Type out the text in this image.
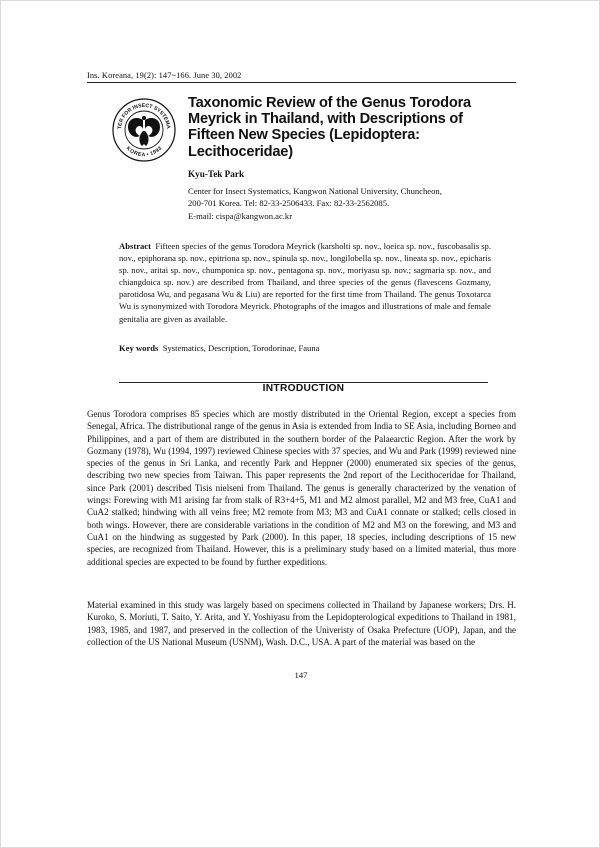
Ins. Koreana, 19(2): 147~166. June 30, 2002
TER FOR INSECT SYSTEMA
KOREA • 1993
Taxonomic Review of the Genus Torodora Meyrick in Thailand, with Descriptions of Fifteen New Species (Lepidoptera: Lecithoceridae)
Kyu-Tek Park
Center for Insect Systematics, Kangwon National University, Chuncheon,
200-701 Korea. Tel: 82-33-2506433. Fax: 82-33-2562085.
E-mail: cispa@kangwon.ac.kr

Abstract Fifteen species of the genus Torodora Meyrick (karsholti sp. nov., loeica sp. nov., fuscobasalis sp. nov., epiphorana sp. nov., epitriona sp. nov., spinula sp. nov., longilobella sp. nov., lineata sp. nov., epicharis sp. nov., aritai sp. nov., chumponica sp. nov., pentagona sp. nov., moriyasu sp. nov.; sagmaria sp. nov., and chiangdoica sp. nov.) are described from Thailand, and three species of the genus (flavescens Gozmany, parotidosa Wu, and pegasana Wu & Liu) are reported for the first time from Thailand. The genus Toxotarca Wu is synonymized with Torodora Meyrick. Photographs of the imagos and illustrations of male and female genitalia are given as available.

Key words Systematics, Description, Torodorinae, Fauna

INTRODUCTION

Genus Torodora comprises 85 species which are mostly distributed in the Oriental Region, except a species from Senegal, Africa. The distributional range of the genus in Asia is extended from India to SE Asia, including Borneo and Philippines, and a part of them are distributed in the southern border of the Palaearctic Region. After the work by Gozmany (1978), Wu (1994, 1997) reviewed Chinese species with 37 species, and Wu and Park (1999) reviewed nine species of the genus in Sri Lanka, and recently Park and Heppner (2000) enumerated six species of the genus, describing two new species from Taiwan. This paper represents the 2nd report of the Lecithoceridae for Thailand, since Park (2001) described Tisis nielseni from Thailand. The genus is generally characterized by the venation of wings: Forewing with M1 arising far from stalk of R3+4+5, M1 and M2 almost parallel, M2 and M3 free, CuA1 and CuA2 stalked; hindwing with all veins free; M2 remote from M3; M3 and CuA1 connate or stalked; cells closed in both wings. However, there are considerable variations in the condition of M2 and M3 on the forewing, and M3 and CuA1 on the hindwing as suggested by Park (2000). In this paper, 18 species, including descriptions of 15 new species, are recognized from Thailand. However, this is a preliminary study based on a limited material, thus more additional species are expected to be found by further expeditions.

Material examined in this study was largely based on specimens collected in Thailand by Japanese workers; Drs. H. Kuroko, S. Moriuti, T. Saito, Y. Arita, and Y. Yoshiyasu from the Lepidopterological expeditions to Thailand in 1981, 1983, 1985, and 1987, and preserved in the collection of the Univeristy of Osaka Prefecture (UOP), Japan, and the collection of the US National Museum (USNM), Wash. D.C., USA. A part of the material was based on the

147
